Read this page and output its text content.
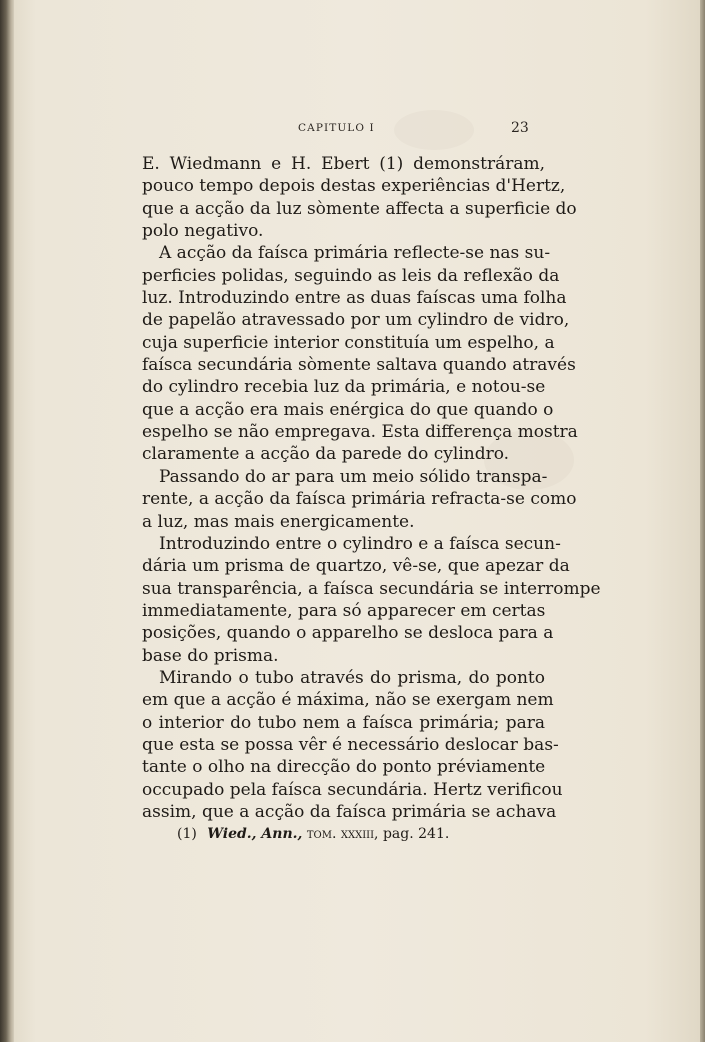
CAPITULO I	23
E. Wiedmann e H. Ebert (1) demonstráram,
pouco tempo depois destas experiências d'Hertz,
que a acção da luz sòmente affecta a superficie do
polo negativo.
A acção da faísca primária reflecte-se nas su-
perficies polidas, seguindo as leis da reflexão da
luz. Introduzindo entre as duas faíscas uma folha
de papelão atravessado por um cylindro de vidro,
cuja superficie interior constituía um espelho, a
faísca secundária sòmente saltava quando através
do cylindro recebia luz da primária, e notou-se
que a acção era mais enérgica do que quando o
espelho se não empregava. Esta differença mostra
claramente a acção da parede do cylindro.
Passando do ar para um meio sólido transpa-
rente, a acção da faísca primária refracta-se como
a luz, mas mais energicamente.
Introduzindo entre o cylindro e a faísca secun-
dária um prisma de quartzo, vê-se, que apezar da
sua transparência, a faísca secundária se interrompe
immediatamente, para só apparecer em certas
posições, quando o apparelho se desloca para a
base do prisma.
Mirando o tubo através do prisma, do ponto
em que a acção é máxima, não se exergam nem
o interior do tubo nem a faísca primária; para
que esta se possa vêr é necessário deslocar bas-
tante o olho na direcção do ponto préviamente
occupado pela faísca secundária. Hertz verificou
assim, que a acção da faísca primária se achava
(1) Wied., Ann., tom. xxxiii, pag. 241.
